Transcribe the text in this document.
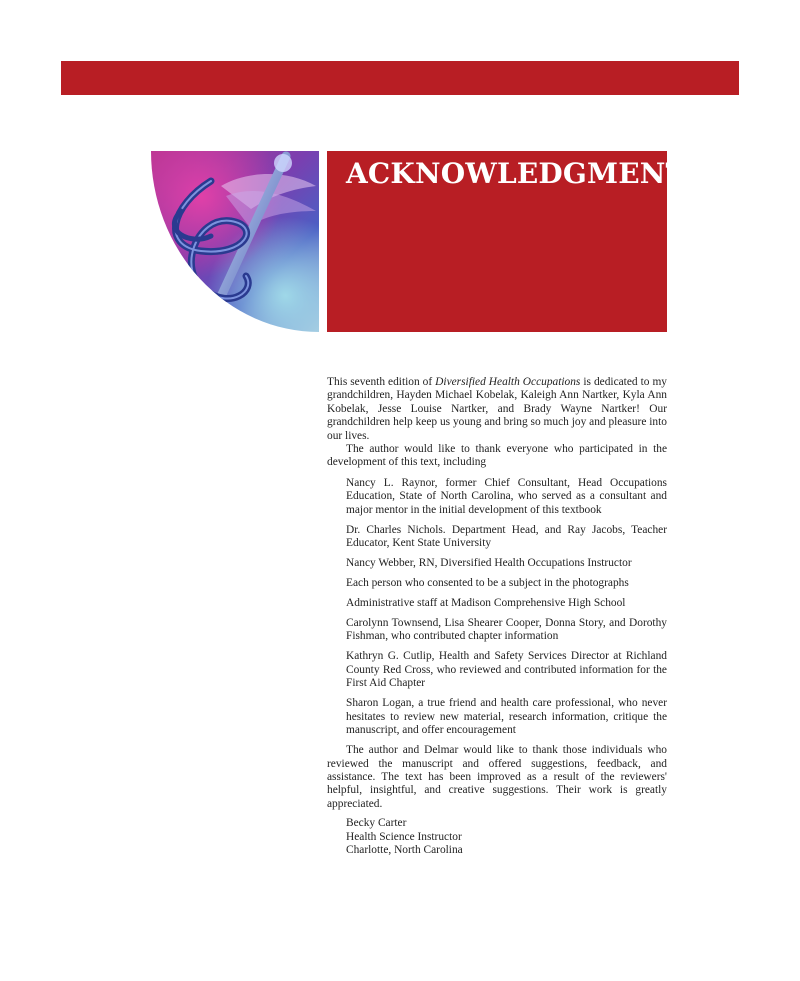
ACKNOWLEDGMENTS

This seventh edition of Diversified Health Occupations is dedicated to my grandchildren, Hayden Michael Kobelak, Kaleigh Ann Nartker, Kyla Ann Kobelak, Jesse Louise Nartker, and Brady Wayne Nartker! Our grandchildren help keep us young and bring so much joy and pleasure into our lives.

The author would like to thank everyone who participated in the development of this text, including

Nancy L. Raynor, former Chief Consultant, Head Occupations Education, State of North Carolina, who served as a consultant and major mentor in the initial development of this textbook

Dr. Charles Nichols. Department Head, and Ray Jacobs, Teacher Educator, Kent State University

Nancy Webber, RN, Diversified Health Occupations Instructor

Each person who consented to be a subject in the photographs

Administrative staff at Madison Comprehensive High School

Carolynn Townsend, Lisa Shearer Cooper, Donna Story, and Dorothy Fishman, who contributed chapter information

Kathryn G. Cutlip, Health and Safety Services Director at Richland County Red Cross, who reviewed and contributed information for the First Aid Chapter

Sharon Logan, a true friend and health care professional, who never hesitates to review new material, research information, critique the manuscript, and offer encouragement

The author and Delmar would like to thank those individuals who reviewed the manuscript and offered suggestions, feedback, and assistance. The text has been improved as a result of the reviewers' helpful, insightful, and creative suggestions. Their work is greatly appreciated.

Becky Carter
Health Science Instructor
Charlotte, North Carolina
